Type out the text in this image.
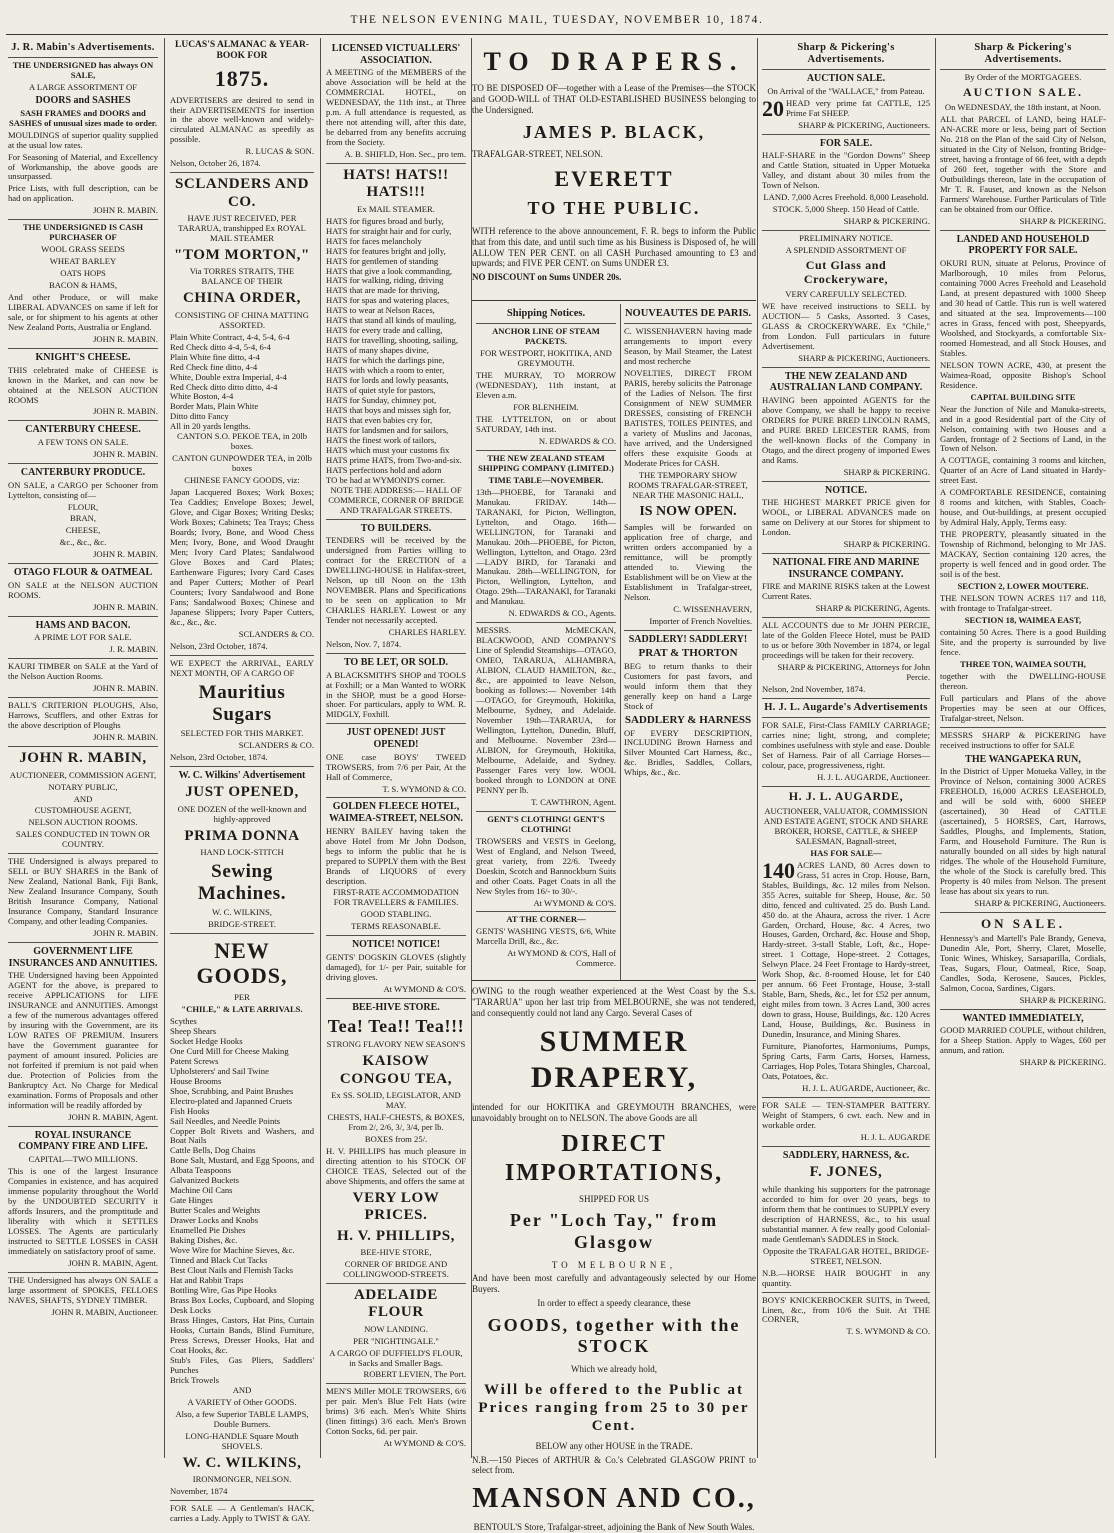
THE NELSON EVENING MAIL, TUESDAY, NOVEMBER 10, 1874.
J. R. Mabin's Advertisements.

THE UNDERSIGNED has always ON SALE,

A LARGE ASSORTMENT OF

DOORS and SASHES

SASH FRAMES and DOORS and SASHES of unusual sizes made to order.

MOULDINGS of superior quality supplied at the usual low rates.

For Seasoning of Material, and Excellency of Workmanship, the above goods are unsurpassed.

Price Lists, with full description, can be had on application.

JOHN R. MABIN.

THE UNDERSIGNED IS CASH PURCHASER OF

WOOL GRASS SEEDS

WHEAT BARLEY

OATS HOPS

BACON & HAMS,

And other Produce, or will make LIBERAL ADVANCES on same if left for sale, or for shipment to his agents at other New Zealand Ports, Australia or England.

JOHN R. MABIN.

KNIGHT'S CHEESE.

THIS celebrated make of CHEESE is known in the Market, and can now be obtained at the NELSON AUCTION ROOMS

JOHN R. MABIN.

CANTERBURY CHEESE.

A FEW TONS ON SALE.

JOHN R. MABIN.

CANTERBURY PRODUCE.

ON SALE, a CARGO per Schooner from Lyttelton, consisting of—

FLOUR,

BRAN,

CHEESE,

&c., &c., &c.

JOHN R. MABIN.

OTAGO FLOUR & OATMEAL

ON SALE at the NELSON AUCTION ROOMS.

JOHN R. MABIN.

HAMS AND BACON.

A PRIME LOT FOR SALE.

J. R. MABIN.

KAURI TIMBER on SALE at the Yard of the Nelson Auction Rooms.

JOHN R. MABIN.

BALL'S CRITERION PLOUGHS, Also, Harrows, Scufflers, and other Extras for the above description of Ploughs

JOHN R. MABIN.

JOHN R. MABIN,

AUCTIONEER, COMMISSION AGENT,

NOTARY PUBLIC,

AND

CUSTOMHOUSE AGENT,

NELSON AUCTION ROOMS.

SALES CONDUCTED IN TOWN OR COUNTRY.

THE Undersigned is always prepared to SELL or BUY SHARES in the Bank of New Zealand, National Bank, Fiji Bank, New Zealand Insurance Company, South British Insurance Company, National Insurance Company, Standard Insurance Company, and other leading Companies.

JOHN R. MABIN.

GOVERNMENT LIFE INSURANCES AND ANNUITIES.

THE Undersigned having been Appointed AGENT for the above, is prepared to receive APPLICATIONS for LIFE INSURANCE and ANNUITIES. Amongst a few of the numerous advantages offered by insuring with the Government, are its LOW RATES OF PREMIUM. Insurers have the Government guarantee for payment of amount insured. Policies are not forfeited if premium is not paid when due. Protection of Policies from the Bankruptcy Act. No Charge for Medical examination. Forms of Proposals and other information will be readily afforded by

JOHN R. MABIN, Agent.

ROYAL INSURANCE COMPANY FIRE AND LIFE.

CAPITAL—TWO MILLIONS.

This is one of the largest Insurance Companies in existence, and has acquired immense popularity throughout the World by the UNDOUBTED SECURITY it affords Insurers, and the promptitude and liberality with which it SETTLES LOSSES. The Agents are particularly instructed to SETTLE LOSSES in CASH immediately on satisfactory proof of same.

JOHN R. MABIN, Agent.

THE Undersigned has always ON SALE a large assortment of SPOKES, FELLOES NAVES, SHAFTS, SYDNEY TIMBER.

JOHN R. MABIN, Auctioneer.

LUCAS'S ALMANAC & YEAR-BOOK FOR

1875.

ADVERTISERS are desired to send in their ADVERTISEMENTS for insertion in the above well-known and widely-circulated ALMANAC as speedily as possible.

R. LUCAS & SON.

Nelson, October 26, 1874.

SCLANDERS AND CO.

HAVE JUST RECEIVED, PER TARARUA, transhipped Ex ROYAL MAIL STEAMER

"TOM MORTON,"

Via TORRES STRAITS, THE BALANCE OF THEIR

CHINA ORDER,

CONSISTING OF CHINA MATTING ASSORTED.

Plain White Contract, 4-4, 5-4, 6-4
Red Check ditto 4-4, 5-4, 6-4
Plain White fine ditto, 4-4
Red Check fine ditto, 4-4
White, Double extra Imperial, 4-4
Red Check ditto ditto ditto, 4-4
White Boston, 4-4
Border Mats, Plain White
Ditto ditto Fancy
All in 20 yards lengths.

CANTON S.O. PEKOE TEA, in 20lb boxes.

CANTON GUNPOWDER TEA, in 20lb boxes

CHINESE FANCY GOODS, viz:

Japan Lacquered Boxes; Work Boxes; Tea Caddies; Envelope Boxes; Jewel, Glove, and Cigar Boxes; Writing Desks; Work Boxes; Cabinets; Tea Trays; Chess Boards; Ivory, Bone, and Wood Chess Men; Ivory, Bone, and Wood Draught Men; Ivory Card Plates; Sandalwood Glove Boxes and Card Plates; Earthenware Figures; Ivory Card Cases and Paper Cutters; Mother of Pearl Counters; Ivory Sandalwood and Bone Fans; Sandalwood Boxes; Chinese and Japanese Slippers; Ivory Paper Cutters, &c., &c., &c.

SCLANDERS & CO.

Nelson, 23rd October, 1874.

WE EXPECT the ARRIVAL, EARLY NEXT MONTH, OF A CARGO OF

Mauritius Sugars

SELECTED FOR THIS MARKET.

SCLANDERS & CO.

Nelson, 23rd October, 1874.

W. C. Wilkins' Advertisement

JUST OPENED,

ONE DOZEN of the well-known and highly-approved

PRIMA DONNA

HAND LOCK-STITCH

Sewing Machines.

W. C. WILKINS,

BRIDGE-STREET.

NEW GOODS,

PER

"CHILE," & LATE ARRIVALS.

Scythes
Sheep Shears
Socket Hedge Hooks
One Curd Mill for Cheese Making
Patent Screws
Upholsterers' and Sail Twine
House Brooms
Shoe, Scrubbing, and Paint Brushes
Electro-plated and Japanned Cruets
Fish Hooks
Sail Needles, and Needle Points
Copper Bolt Rivets and Washers, and Boat Nails
Cattle Bells, Dog Chains
Bone Salt, Mustard, and Egg Spoons, and Albata Teaspoons
Galvanized Buckets
Machine Oil Cans
Gate Hinges
Butter Scales and Weights
Drawer Locks and Knobs
Enamelled Pie Dishes
Baking Dishes, &c.
Wove Wire for Machine Sieves, &c.
Tinned and Black Cut Tacks
Best Clout Nails and Flemish Tacks
Hat and Rabbit Traps
Bottling Wire, Gas Pipe Hooks
Brass Box Locks, Cupboard, and Sloping Desk Locks
Brass Hinges, Castors, Hat Pins, Curtain Hooks, Curtain Bands, Blind Furniture, Press Screws, Dresser Hooks, Hat and Coat Hooks, &c.
Stub's Files, Gas Pliers, Saddlers' Punches
Brick Trowels

AND

A VARIETY of Other GOODS.

Also, a few Superior TABLE LAMPS, Double Burners.

LONG-HANDLE Square Mouth SHOVELS.

W. C. WILKINS,

IRONMONGER, NELSON.

November, 1874

FOR SALE — A Gentleman's HACK, carries a Lady. Apply to TWIST & GAY.

LICENSED VICTUALLERS' ASSOCIATION.

A MEETING of the MEMBERS of the above Association will be held at the COMMERCIAL HOTEL, on WEDNESDAY, the 11th inst., at Three p.m. A full attendance is requested, as there not attending will, after this date, be debarred from any benefits accruing from the Society.

A. B. SHIFLD, Hon. Sec., pro tem.

HATS! HATS!! HATS!!!

Ex MAIL STEAMER.

HATS for figures broad and burly,
HATS for straight hair and for curly,
HATS for faces melancholy
HATS for features bright and jolly,
HATS for gentlemen of standing
HATS that give a look commanding,
HATS for walking, riding, driving
HATS that are made for thriving,
HATS for spas and watering places,
HATS to wear at Nelson Races,
HATS that stand all kinds of mauling,
HATS for every trade and calling,
HATS for travelling, shooting, sailing,
HATS of many shapes divine,
HATS for which the darlings pine,
HATS with which a room to enter,
HATS for lords and lowly peasants,
HATS of quiet style for pastors,
HATS for Sunday, chimney pot,
HATS that boys and misses sigh for,
HATS that even babies cry for,
HATS for landsmen and for sailors,
HATS the finest work of tailors,
HATS which must your customs fix
HATS prime HATS, from Two-and-six.
HATS perfections hold and adorn
TO be had at WYMOND'S corner.

NOTE THE ADDRESS:— HALL OF COMMERCE, CORNER OF BRIDGE AND TRAFALGAR STREETS.

TO BUILDERS.

TENDERS will be received by the undersigned from Parties willing to contract for the ERECTION of a DWELLING-HOUSE in Halifax-street, Nelson, up till Noon on the 13th NOVEMBER. Plans and Specifications to be seen on application to Mr CHARLES HARLEY. Lowest or any Tender not necessarily accepted.

CHARLES HARLEY.

Nelson, Nov. 7, 1874.

TO BE LET, OR SOLD.

A BLACKSMITH'S SHOP and TOOLS at Foxhill; or a Man Wanted to WORK in the SHOP, must be a good Horse-shoer. For particulars, apply to WM. R. MIDGLY, Foxhill.

JUST OPENED! JUST OPENED!

ONE case BOYS' TWEED TROWSERS, from 7/6 per Pair, At the Hall of Commerce,

T. S. WYMOND & CO.

GOLDEN FLEECE HOTEL, WAIMEA-STREET, NELSON.

HENRY BAILEY having taken the above Hotel from Mr John Dodson, begs to inform the public that he is prepared to SUPPLY them with the Best Brands of LIQUORS of every description.

FIRST-RATE ACCOMMODATION FOR TRAVELLERS & FAMILIES.

GOOD STABLING.

TERMS REASONABLE.

NOTICE! NOTICE!

GENTS' DOGSKIN GLOVES (slightly damaged), for 1/- per Pair, suitable for driving gloves.

At WYMOND & CO'S.

BEE-HIVE STORE.

Tea! Tea!! Tea!!!

STRONG FLAVORY NEW SEASON'S

KAISOW CONGOU TEA,

Ex SS. SOLID, LEGISLATOR, AND MAY.

CHESTS, HALF-CHESTS, & BOXES, From 2/, 2/6, 3/, 3/4, per lb.

BOXES from 25/.

H. V. PHILLIPS has much pleasure in directing attention to his STOCK OF CHOICE TEAS, Selected out of the above Shipments, and offers the same at

VERY LOW PRICES.

H. V. PHILLIPS,

BEE-HIVE STORE,

CORNER OF BRIDGE AND COLLINGWOOD-STREETS.

ADELAIDE FLOUR

NOW LANDING.

PER "NIGHTINGALE."

A CARGO OF DUFFIELD'S FLOUR, in Sacks and Smaller Bags.

ROBERT LEVIEN, The Port.

MEN'S Miller MOLE TROWSERS, 6/6 per pair. Men's Blue Felt Hats (wire brims) 3/6 each. Men's White Shirts (linen fittings) 3/6 each. Men's Brown Cotton Socks, 6d. per pair.

At WYMOND & CO'S.

TO DRAPERS.

TO BE DISPOSED OF—together with a Lease of the Premises—the STOCK and GOOD-WILL of THAT OLD-ESTABLISHED BUSINESS belonging to the Undersigned.

JAMES P. BLACK,

TRAFALGAR-STREET, NELSON.

EVERETT

TO THE PUBLIC.

WITH reference to the above announcement, F. R. begs to inform the Public that from this date, and until such time as his Business is Disposed of, he will ALLOW TEN PER CENT. on all CASH Purchased amounting to £3 and upwards; and FIVE PER CENT. on Sums UNDER £3.

NO DISCOUNT on Sums UNDER 20s.

Shipping Notices.

ANCHOR LINE OF STEAM PACKETS.

FOR WESTPORT, HOKITIKA, AND GREYMOUTH.

THE MURRAY, TO MORROW (WEDNESDAY), 11th instant, at Eleven a.m.

FOR BLENHEIM.

THE LYTTELTON, on or about SATURDAY, 14th inst.

N. EDWARDS & CO.

THE NEW ZEALAND STEAM SHIPPING COMPANY (LIMITED.)

TIME TABLE—NOVEMBER.

13th—PHOEBE, for Taranaki and Manukau. FRIDAY. 14th—TARANAKI, for Picton, Wellington, Lyttelton, and Otago. 16th—WELLINGTON, for Taranaki and Manukau. 20th—PHOEBE, for Picton, Wellington, Lyttelton, and Otago. 23rd—LADY BIRD, for Taranaki and Manukau. 28th—WELLINGTON, for Picton, Wellington, Lyttelton, and Otago. 29th—TARANAKI, for Taranaki and Manukau.

N. EDWARDS & CO., Agents.

MESSRS. McMECKAN, BLACKWOOD, AND COMPANY'S Line of Splendid Steamships—OTAGO, OMEO, TARARUA, ALHAMBRA, ALBION, CLAUD HAMILTON, &c., &c., are appointed to leave Nelson, booking as follows:— November 14th—OTAGO, for Greymouth, Hokitika, Melbourne, Sydney, and Adelaide. November 19th—TARARUA, for Wellington, Lyttelton, Dunedin, Bluff, and Melbourne. November 23rd—ALBION, for Greymouth, Hokitika, Melbourne, Adelaide, and Sydney. Passenger Fares very low. WOOL booked through to LONDON at ONE PENNY per lb.

T. CAWTHRON, Agent.

GENT'S CLOTHING! GENT'S CLOTHING!

TROWSERS and VESTS in Geelong, West of England, and Nelson Tweed, great variety, from 22/6. Tweedy Doeskin, Scotch and Bannockburn Suits and other Coats. Paget Coats in all the New Styles from 16/- to 30/-.

At WYMOND & CO'S.

AT THE CORNER—

GENTS' WASHING VESTS, 6/6, White Marcella Drill, &c., &c.

At WYMOND & CO'S, Hall of Commerce.

NOUVEAUTES DE PARIS.

C. WISSENHAVERN having made arrangements to import every Season, by Mail Steamer, the Latest and most recherche

NOVELTIES, DIRECT FROM PARIS, hereby solicits the Patronage of the Ladies of Nelson. The first Consignment of NEW SUMMER DRESSES, consisting of FRENCH BATISTES, TOILES PEINTES, and a variety of Muslins and Jaconas, have arrived, and the Undersigned offers these exquisite Goods at Moderate Prices for CASH.

THE TEMPORARY SHOW ROOMS TRAFALGAR-STREET, NEAR THE MASONIC HALL,

IS NOW OPEN.

Samples will be forwarded on application free of charge, and written orders accompanied by a remittance, will be promptly attended to. Viewing the Establishment will be on View at the Establishment in Trafalgar-street, Nelson.

C. WISSENHAVERN,

Importer of French Novelties.

SADDLERY! SADDLERY!

PRAT & THORTON

BEG to return thanks to their Customers for past favors, and would inform them that they generally keep on hand a Large Stock of

SADDLERY & HARNESS

OF EVERY DESCRIPTION, INCLUDING Brown Harness and Silver Mounted Cart Harness, &c., &c. Bridles, Saddles, Collars, Whips, &c., &c.

OWING to the rough weather experienced at the West Coast by the S.s. "TARARUA" upon her last trip from MELBOURNE, she was not tendered, and consequently could not land any Cargo. Several Cases of

SUMMER DRAPERY,

intended for our HOKITIKA and GREYMOUTH BRANCHES, were unavoidably brought on to NELSON. The above Goods are all

DIRECT IMPORTATIONS,

SHIPPED FOR US

Per "Loch Tay," from Glasgow

TO MELBOURNE,

And have been most carefully and advantageously selected by our Home Buyers.

In order to effect a speedy clearance, these

GOODS, together with the STOCK

Which we already hold,

Will be offered to the Public at Prices ranging from 25 to 30 per Cent.

BELOW any other HOUSE in the TRADE.

N.B.—150 Pieces of ARTHUR & Co.'s Celebrated GLASGOW PRINT to select from.

MANSON AND CO.,

BENTOUL'S Store, Trafalgar-street, adjoining the Bank of New South Wales.

Sharp & Pickering's Advertisements.
AUCTION SALE.

On Arrival of the "WALLACE," from Pateau.

20 HEAD very prime fat CATTLE, 125 Prime Fat SHEEP.

SHARP & PICKERING, Auctioneers.

FOR SALE.

HALF-SHARE in the "Gordon Downs" Sheep and Cattle Station, situated in Upper Motueka Valley, and distant about 30 miles from the Town of Nelson.

LAND. 7,000 Acres Freehold. 8,000 Leasehold.

STOCK. 5,000 Sheep. 150 Head of Cattle.

SHARP & PICKERING.

PRELIMINARY NOTICE.

A SPLENDID ASSORTMENT OF

Cut Glass and Crockeryware,

VERY CAREFULLY SELECTED.

WE have received instructions to SELL by AUCTION— 5 Casks, Assorted. 3 Cases, GLASS & CROCKERYWARE. Ex "Chile," from London. Full particulars in future Advertisement.

SHARP & PICKERING, Auctioneers.

THE NEW ZEALAND AND AUSTRALIAN LAND COMPANY.

HAVING been appointed AGENTS for the above Company, we shall be happy to receive ORDERS for PURE BRED LINCOLN RAMS, and PURE BRED LEICESTER RAMS, from the well-known flocks of the Company in Otago, and the direct progeny of imported Ewes and Rams.

SHARP & PICKERING.

NOTICE.

THE HIGHEST MARKET PRICE given for WOOL, or LIBERAL ADVANCES made on same on Delivery at our Stores for shipment to London.

SHARP & PICKERING.

NATIONAL FIRE AND MARINE INSURANCE COMPANY.

FIRE and MARINE RISKS taken at the Lowest Current Rates.

SHARP & PICKERING, Agents.

ALL ACCOUNTS due to Mr JOHN PERCIE, late of the Golden Fleece Hotel, must be PAID to us or before 30th November in 1874, or legal proceedings will be taken for their recovery.

SHARP & PICKERING, Attorneys for John Percie.

Nelson, 2nd November, 1874.

H. J. L. Augarde's Advertisements

FOR SALE, First-Class FAMILY CARRIAGE; carries nine; light, strong, and complete; combines usefulness with style and ease. Double Set of Harness. Pair of all Carriage Horses—colour, pace, progressiveness, right.

H. J. L. AUGARDE, Auctioneer.

H. J. L. AUGARDE,

AUCTIONEER, VALUATOR, COMMISSION AND ESTATE AGENT, STOCK AND SHARE BROKER, HORSE, CATTLE, & SHEEP SALESMAN, Bagnall-street,

HAS FOR SALE—

140 ACRES LAND, 80 Acres down to Grass, 51 acres in Crop. House, Barn, Stables, Buildings, &c. 12 miles from Nelson. 355 Acres, suitable for Sheep, House, &c. 50 ditto, fenced and cultivated. 25 do. Bush Land. 450 do. at the Ahaura, across the river. 1 Acre Garden, Orchard, House, &c. 4 Acres, two Houses, Garden, Orchard, &c. House and Shop, Hardy-street. 3-stall Stable, Loft, &c., Hope-street. 1 Cottage, Hope-street. 2 Cottages, Selwyn Place. 24 Feet Frontage to Hardy-street, Work Shop, &c. 8-roomed House, let for £40 per annum. 66 Feet Frontage, House, 3-stall Stable, Barn, Sheds, &c., let for £52 per annum, eight miles from town. 3 Acres Land, 300 acres down to grass, House, Buildings, &c. 120 Acres Land, House, Buildings, &c. Business in Dunedin, Insurance, and Mining Shares.

Furniture, Pianofortes, Harmoniums, Pumps, Spring Carts, Farm Carts, Horses, Harness, Carriages, Hop Poles, Totara Shingles, Charcoal, Oats, Potatoes, &c.

H. J. L. AUGARDE, Auctioneer, &c.

FOR SALE — TEN-STAMPER BATTERY. Weight of Stampers, 6 cwt. each. New and in workable order.

H. J. L. AUGARDE

SADDLERY, HARNESS, &c.

F. JONES,

while thanking his supporters for the patronage accorded to him for over 20 years, begs to inform them that he continues to SUPPLY every description of HARNESS, &c., to his usual substantial manner. A few really good Colonial-made Gentleman's SADDLES in Stock.

Opposite the TRAFALGAR HOTEL, BRIDGE-STREET, NELSON.

N.B.—HORSE HAIR BOUGHT in any quantity.

BOYS' KNICKERBOCKER SUITS, in Tweed, Linen, &c., from 10/6 the Suit. At THE CORNER,

T. S. WYMOND & CO.

Sharp & Pickering's Advertisements.

By Order of the MORTGAGEES.

AUCTION SALE.

On WEDNESDAY, the 18th instant, at Noon.

ALL that PARCEL of LAND, being HALF-AN-ACRE more or less, being part of Section No. 218 on the Plan of the said City of Nelson, situated in the City of Nelson, fronting Bridge-street, having a frontage of 66 feet, with a depth of 260 feet, together with the Store and Outbuildings thereon, late in the occupation of Mr T. R. Fauset, and known as the Nelson Farmers' Warehouse. Further Particulars of Title can be obtained from our Office.

SHARP & PICKERING.

LANDED AND HOUSEHOLD PROPERTY FOR SALE.

OKURI RUN, situate at Pelorus, Province of Marlborough, 10 miles from Pelorus, containing 7000 Acres Freehold and Leasehold Land, at present depastured with 1000 Sheep and 30 head of Cattle. This run is well watered and situated at the sea. Improvements—100 acres in Grass, fenced with post, Sheepyards, Woolshed, and Stockyards, a comfortable Six-roomed Homestead, and all Stock Houses, and Stables.

NELSON TOWN ACRE, 430, at present the Waimea-Road, opposite Bishop's School Residence.

CAPITAL BUILDING SITE

Near the Junction of Nile and Manuka-streets, and in a good Residential part of the City of Nelson, containing with two Houses and a Garden, frontage of 2 Sections of Land, in the Town of Nelson.

A COTTAGE, containing 3 rooms and kitchen, Quarter of an Acre of Land situated in Hardy-street East.

A COMFORTABLE RESIDENCE, containing 8 rooms and kitchen, with Stables, Coach-house, and Out-buildings, at present occupied by Admiral Haly, Apply, Terms easy.

THE PROPERTY, pleasantly situated in the Township of Richmond, belonging to Mr JAS. MACKAY, Section containing 120 acres, the property is well fenced and in good order. The soil is of the best.

SECTION 2, LOWER MOUTERE.

THE NELSON TOWN ACRES 117 and 118, with frontage to Trafalgar-street.

SECTION 18, WAIMEA EAST,

containing 50 Acres. There is a good Building Site, and the property is surrounded by live fence.

THREE TON, WAIMEA SOUTH,

together with the DWELLING-HOUSE thereon.

Full particulars and Plans of the above Properties may be seen at our Offices, Trafalgar-street, Nelson.

MESSRS SHARP & PICKERING have received instructions to offer for SALE

THE WANGAPEKA RUN,

In the District of Upper Motueka Valley, in the Province of Nelson, containing 3000 ACRES FREEHOLD, 16,000 ACRES LEASEHOLD, and will be sold with, 6000 SHEEP (ascertained), 30 Head of CATTLE (ascertained), 5 HORSES, Cart, Harrows, Saddles, Ploughs, and Implements, Station, Farm, and Household Furniture. The Run is naturally bounded on all sides by high natural ridges. The whole of the Household Furniture, the whole of the Stock is carefully bred. This Property is 40 miles from Nelson. The present lease has about six years to run.

SHARP & PICKERING, Auctioneers.

ON SALE.

Hennessy's and Martell's Pale Brandy, Geneva, Dunedin Ale, Port, Sherry, Claret, Moselle, Tonic Wines, Whiskey, Sarsaparilla, Cordials, Teas, Sugars, Flour, Oatmeal, Rice, Soap, Candles, Soda, Kerosene, Sauces, Pickles, Salmon, Cocoa, Sardines, Cigars.

SHARP & PICKERING.

WANTED IMMEDIATELY,

GOOD MARRIED COUPLE, without children, for a Sheep Station. Apply to Wages, £60 per annum, and ration.

SHARP & PICKERING.
